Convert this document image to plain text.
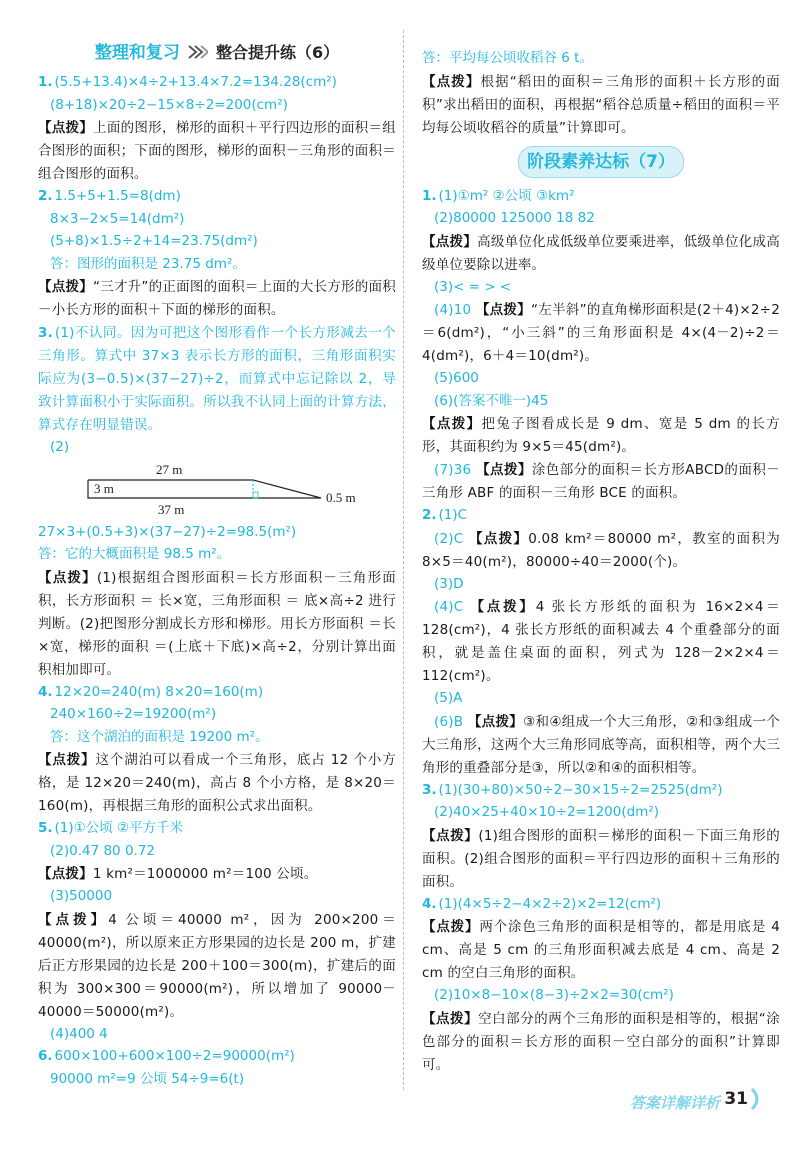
整理和复习 整合提升练（6）
1. (5.5+13.4)×4÷2+13.4×7.2=134.28(cm²)
(8+18)×20÷2−15×8÷2=200(cm²)

【点拨】上面的图形，梯形的面积＋平行四边形的面积＝组合图形的面积；下面的图形，梯形的面积－三角形的面积＝组合图形的面积。

2. 1.5+5+1.5=8(dm)
8×3−2×5=14(dm²)
(5+8)×1.5÷2+14=23.75(dm²)
答：图形的面积是 23.75 dm²。

【点拨】“三才升”的正面图的面积＝上面的大长方形的面积－小长方形的面积＋下面的梯形的面积。

3. (1)不认同。因为可把这个图形看作一个长方形减去一个三角形。算式中 37×3 表示长方形的面积，三角形面积实际应为(3−0.5)×(37−27)÷2，而算式中忘记除以 2，导致计算面积小于实际面积。所以我不认同上面的计算方法，算式存在明显错误。

(2)
27 m
3 m
37 m
0.5 m
27×3+(0.5+3)×(37−27)÷2=98.5(m²)
答：它的大概面积是 98.5 m²。

【点拨】(1)根据组合图形面积＝长方形面积－三角形面积，长方形面积 ＝ 长×宽，三角形面积 ＝ 底×高÷2 进行判断。(2)把图形分割成长方形和梯形。用长方形面积 ＝长×宽，梯形的面积 ＝(上底＋下底)×高÷2，分别计算出面积相加即可。

4. 12×20=240(m) 8×20=160(m)
240×160÷2=19200(m²)
答：这个湖泊的面积是 19200 m²。

【点拨】这个湖泊可以看成一个三角形，底占 12 个小方格，是 12×20＝240(m)，高占 8 个小方格，是 8×20＝160(m)，再根据三角形的面积公式求出面积。

5. (1)①公顷 ②平方千米
(2)0.47 80 0.72

【点拨】1 km²＝1000000 m²＝100 公顷。

(3)50000

【点拨】4 公顷＝40000 m²，因为 200×200＝40000(m²)，所以原来正方形果园的边长是 200 m，扩建后正方形果园的边长是 200＋100＝300(m)，扩建后的面积为 300×300＝90000(m²)，所以增加了 90000－40000＝50000(m²)。

(4)400 4
6. 600×100+600×100÷2=90000(m²)
90000 m²=9 公顷 54÷9=6(t)
答：平均每公顷收稻谷 6 t。

【点拨】根据“稻田的面积＝三角形的面积＋长方形的面积”求出稻田的面积，再根据“稻谷总质量÷稻田的面积＝平均每公顷收稻谷的质量”计算即可。

阶段素养达标（7）
1. (1)①m² ②公顷 ③km²
(2)80000 125000 18 82

【点拨】高级单位化成低级单位要乘进率，低级单位化成高级单位要除以进率。

(3)< = > <

(4)10 【点拨】“左半斜”的直角梯形面积是(2＋4)×2÷2＝6(dm²)，“小三斜”的三角形面积是 4×(4－2)÷2＝4(dm²)，6＋4＝10(dm²)。

(5)600
(6)(答案不唯一)45

【点拨】把兔子图看成长是 9 dm、宽是 5 dm 的长方形，其面积约为 9×5＝45(dm²)。

(7)36 【点拨】涂色部分的面积＝长方形ABCD的面积－三角形 ABF 的面积－三角形 BCE 的面积。

2. (1)C

(2)C 【点拨】0.08 km²＝80000 m²，教室的面积为 8×5＝40(m²)，80000÷40＝2000(个)。

(3)D

(4)C 【点拨】4 张长方形纸的面积为 16×2×4＝128(cm²)，4 张长方形纸的面积减去 4 个重叠部分的面积，就是盖住桌面的面积，列式为 128－2×2×4＝112(cm²)。

(5)A

(6)B 【点拨】③和④组成一个大三角形，②和③组成一个大三角形，这两个大三角形同底等高，面积相等，两个大三角形的重叠部分是③，所以②和④的面积相等。

3. (1)(30+80)×50÷2−30×15÷2=2525(dm²)
(2)40×25+40×10÷2=1200(dm²)

【点拨】(1)组合图形的面积＝梯形的面积－下面三角形的面积。(2)组合图形的面积＝平行四边形的面积＋三角形的面积。

4. (1)(4×5÷2−4×2÷2)×2=12(cm²)

【点拨】两个涂色三角形的面积是相等的，都是用底是 4 cm、高是 5 cm 的三角形面积减去底是 4 cm、高是 2 cm 的空白三角形的面积。

(2)10×8−10×(8−3)÷2×2=30(cm²)

【点拨】空白部分的两个三角形的面积是相等的，根据“涂色部分的面积＝长方形的面积－空白部分的面积”计算即可。

答案详解详析 31
